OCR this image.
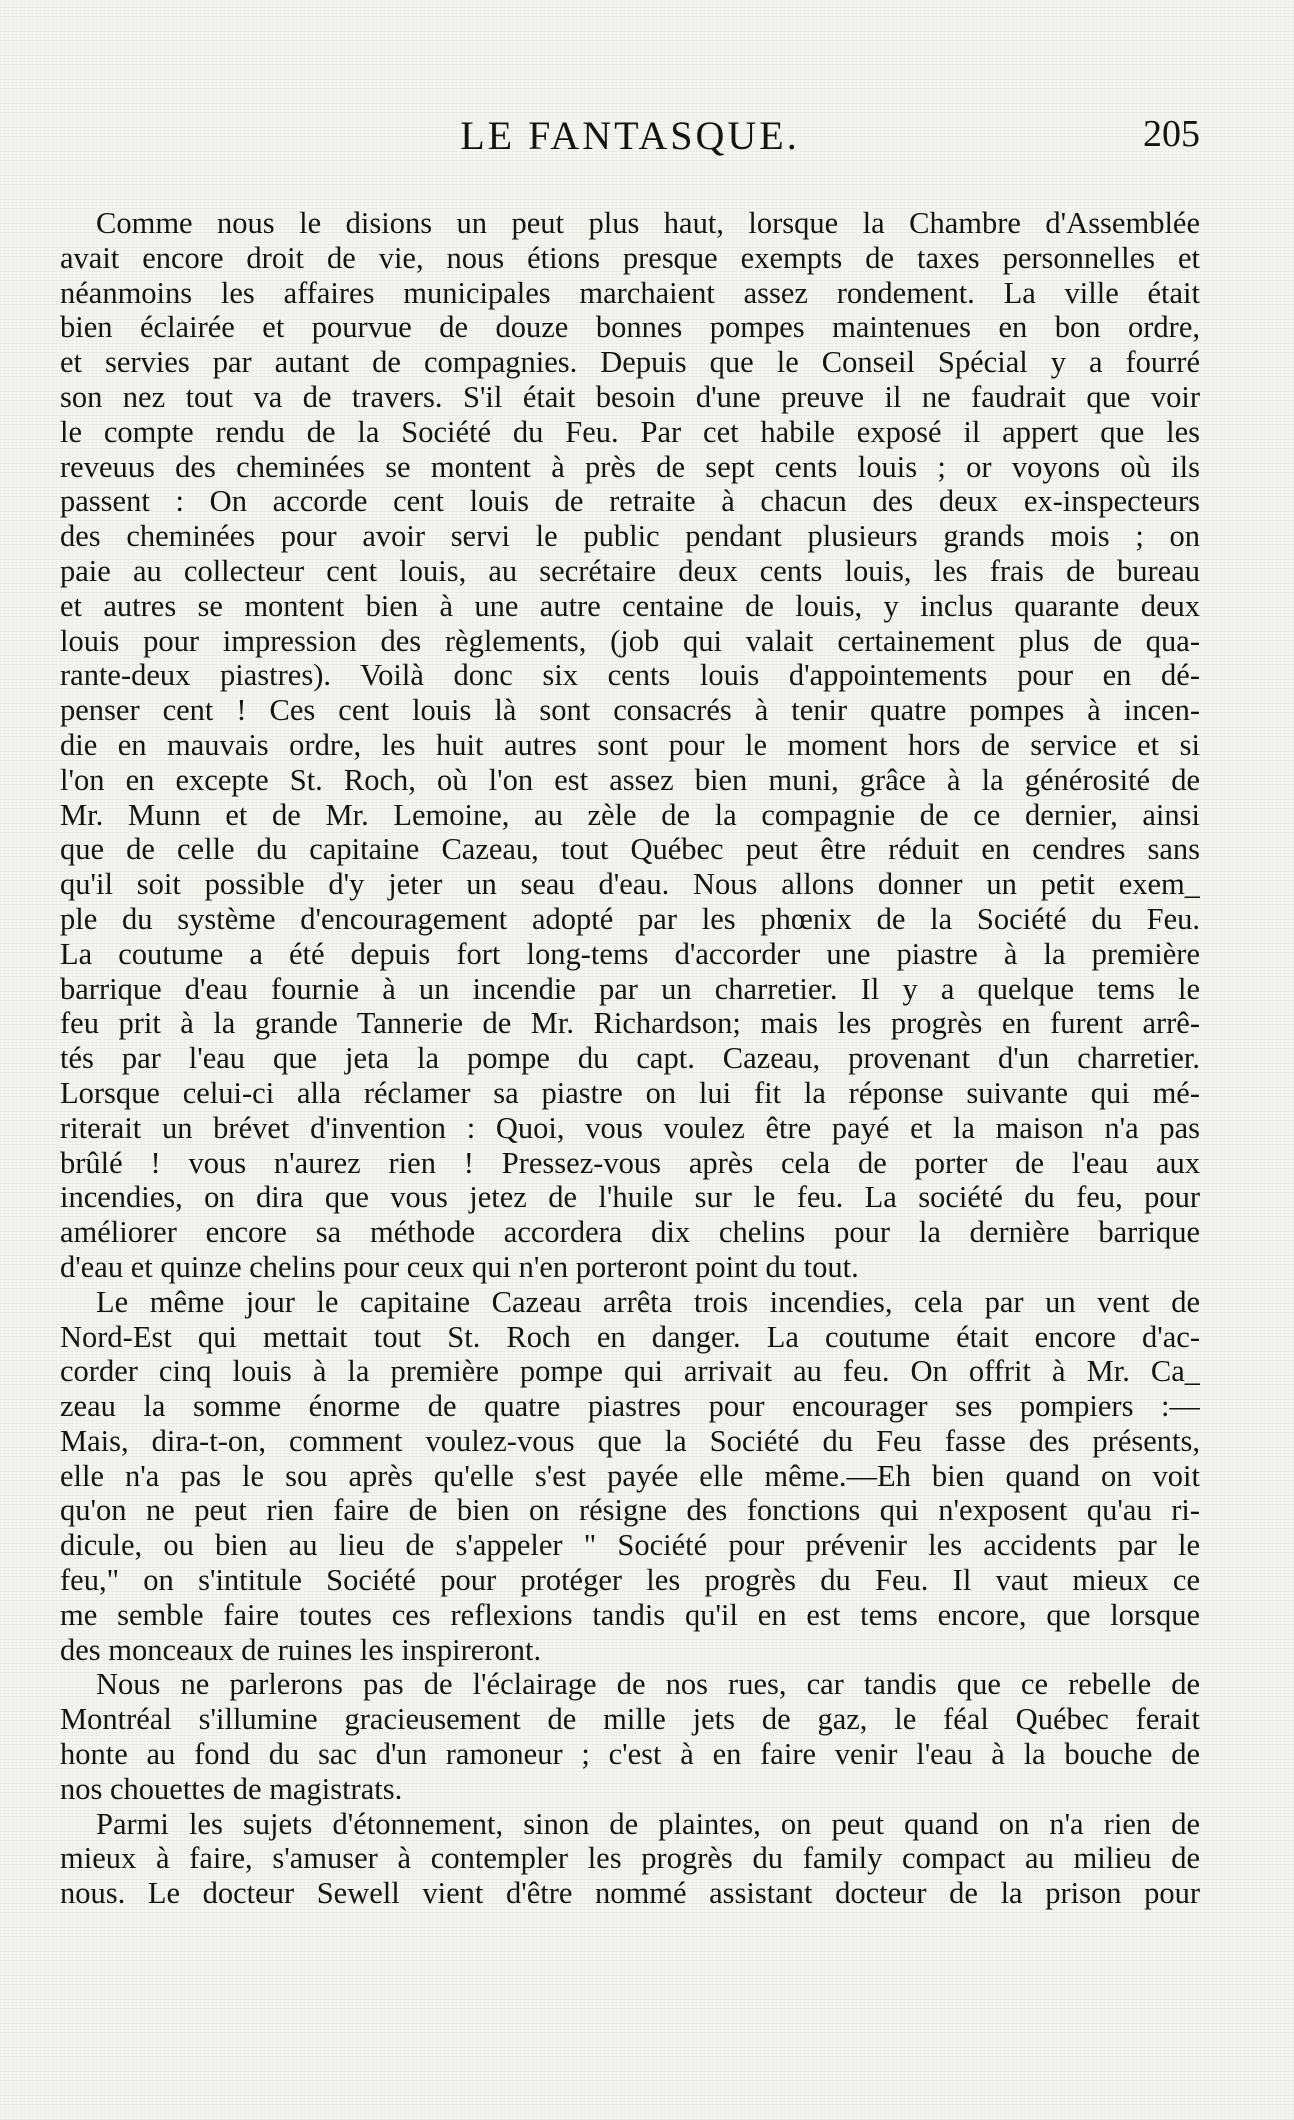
LE FANTASQUE.	205
Comme nous le disions un peut plus haut, lorsque la Chambre d'Assemblée
avait encore droit de vie, nous étions presque exempts de taxes personnelles et
néanmoins les affaires municipales marchaient assez rondement. La ville était
bien éclairée et pourvue de douze bonnes pompes maintenues en bon ordre,
et servies par autant de compagnies. Depuis que le Conseil Spécial y a fourré
son nez tout va de travers. S'il était besoin d'une preuve il ne faudrait que voir
le compte rendu de la Société du Feu. Par cet habile exposé il appert que les
reveuus des cheminées se montent à près de sept cents louis ; or voyons où ils
passent : On accorde cent louis de retraite à chacun des deux ex-inspecteurs
des cheminées pour avoir servi le public pendant plusieurs grands mois ; on
paie au collecteur cent louis, au secrétaire deux cents louis, les frais de bureau
et autres se montent bien à une autre centaine de louis, y inclus quarante deux
louis pour impression des règlements, (job qui valait certainement plus de qua-
rante-deux piastres). Voilà donc six cents louis d'appointements pour en dé-
penser cent ! Ces cent louis là sont consacrés à tenir quatre pompes à incen-
die en mauvais ordre, les huit autres sont pour le moment hors de service et si
l'on en excepte St. Roch, où l'on est assez bien muni, grâce à la générosité de
Mr. Munn et de Mr. Lemoine, au zèle de la compagnie de ce dernier, ainsi
que de celle du capitaine Cazeau, tout Québec peut être réduit en cendres sans
qu'il soit possible d'y jeter un seau d'eau. Nous allons donner un petit exem_
ple du système d'encouragement adopté par les phœnix de la Société du Feu.
La coutume a été depuis fort long-tems d'accorder une piastre à la première
barrique d'eau fournie à un incendie par un charretier. Il y a quelque tems le
feu prit à la grande Tannerie de Mr. Richardson; mais les progrès en furent arrê-
tés par l'eau que jeta la pompe du capt. Cazeau, provenant d'un charretier.
Lorsque celui-ci alla réclamer sa piastre on lui fit la réponse suivante qui mé-
riterait un brévet d'invention : Quoi, vous voulez être payé et la maison n'a pas
brûlé ! vous n'aurez rien ! Pressez-vous après cela de porter de l'eau aux
incendies, on dira que vous jetez de l'huile sur le feu. La société du feu, pour
améliorer encore sa méthode accordera dix chelins pour la dernière barrique
d'eau et quinze chelins pour ceux qui n'en porteront point du tout.
Le même jour le capitaine Cazeau arrêta trois incendies, cela par un vent de
Nord-Est qui mettait tout St. Roch en danger. La coutume était encore d'ac-
corder cinq louis à la première pompe qui arrivait au feu. On offrit à Mr. Ca_
zeau la somme énorme de quatre piastres pour encourager ses pompiers :—
Mais, dira-t-on, comment voulez-vous que la Société du Feu fasse des présents,
elle n'a pas le sou après qu'elle s'est payée elle même.—Eh bien quand on voit
qu'on ne peut rien faire de bien on résigne des fonctions qui n'exposent qu'au ri-
dicule, ou bien au lieu de s'appeler " Société pour prévenir les accidents par le
feu," on s'intitule Société pour protéger les progrès du Feu. Il vaut mieux ce
me semble faire toutes ces reflexions tandis qu'il en est tems encore, que lorsque
des monceaux de ruines les inspireront.
Nous ne parlerons pas de l'éclairage de nos rues, car tandis que ce rebelle de
Montréal s'illumine gracieusement de mille jets de gaz, le féal Québec ferait
honte au fond du sac d'un ramoneur ; c'est à en faire venir l'eau à la bouche de
nos chouettes de magistrats.
Parmi les sujets d'étonnement, sinon de plaintes, on peut quand on n'a rien de
mieux à faire, s'amuser à contempler les progrès du family compact au milieu de
nous. Le docteur Sewell vient d'être nommé assistant docteur de la prison pour
